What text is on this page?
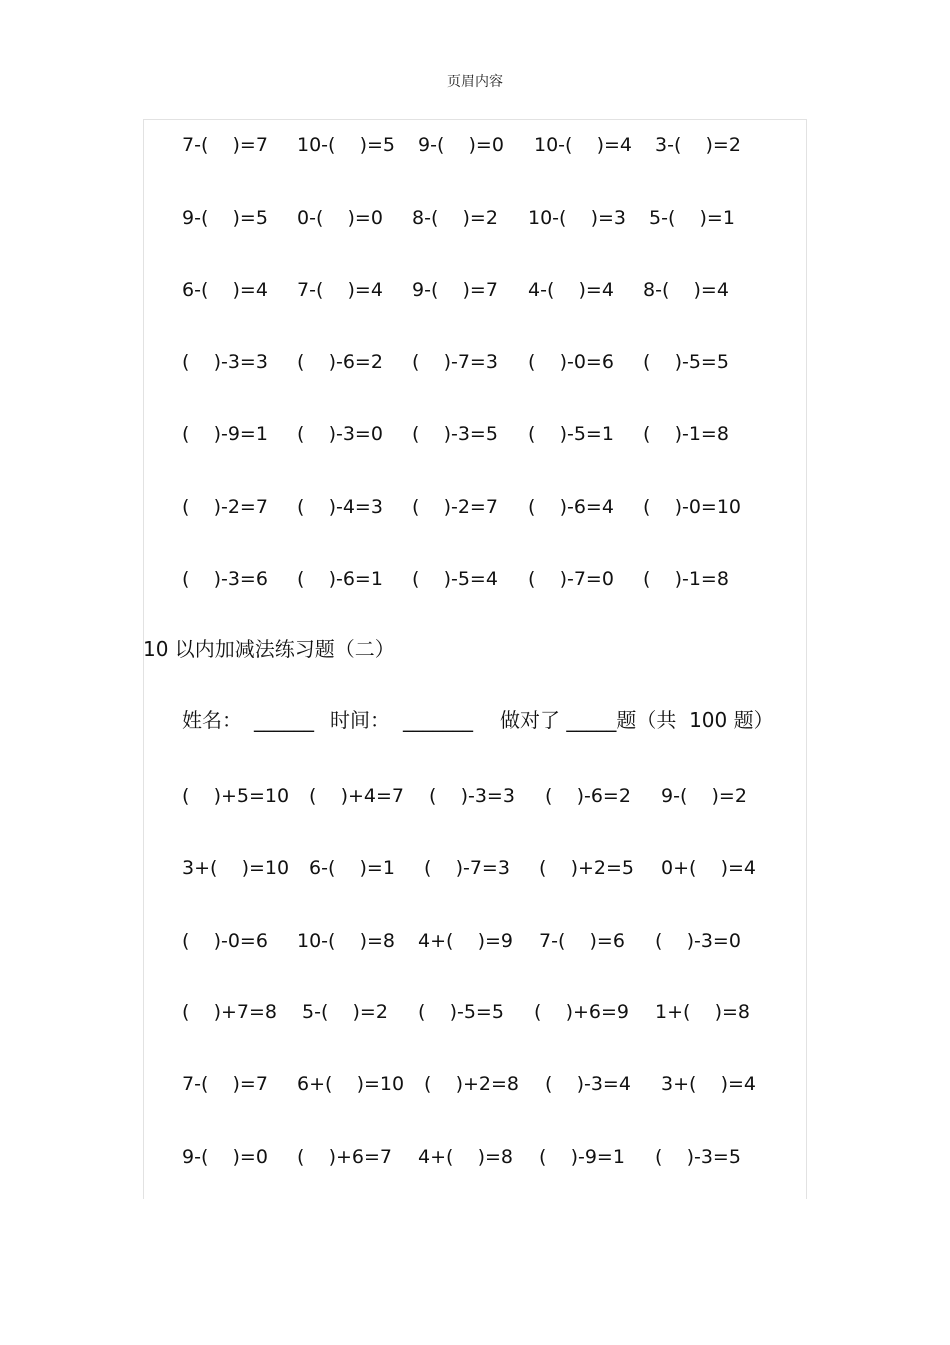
页眉内容
7-(    )=7 10-(    )=5 9-(    )=0 10-(    )=4 3-(    )=2
9-(    )=5 0-(    )=0 8-(    )=2 10-(    )=3 5-(    )=1
6-(    )=4 7-(    )=4 9-(    )=7 4-(    )=4 8-(    )=4
(    )-3=3 (    )-6=2 (    )-7=3 (    )-0=6 (    )-5=5
(    )-9=1 (    )-3=0 (    )-3=5 (    )-5=1 (    )-1=8
(    )-2=7 (    )-4=3 (    )-2=7 (    )-6=4 (    )-0=10
(    )-3=6 (    )-6=1 (    )-5=4 (    )-7=0 (    )-1=8
10 以内加减法练习题（二）
姓名： ______ 时间： _______ 做对了 _____题（共  100 题）
(    )+5=10 (    )+4=7 (    )-3=3 (    )-6=2 9-(    )=2
3+(    )=10 6-(    )=1 (    )-7=3 (    )+2=5 0+(    )=4
(    )-0=6 10-(    )=8 4+(    )=9 7-(    )=6 (    )-3=0
(    )+7=8 5-(    )=2 (    )-5=5 (    )+6=9 1+(    )=8
7-(    )=7 6+(    )=10 (    )+2=8 (    )-3=4 3+(    )=4
9-(    )=0 (    )+6=7 4+(    )=8 (    )-9=1 (    )-3=5
